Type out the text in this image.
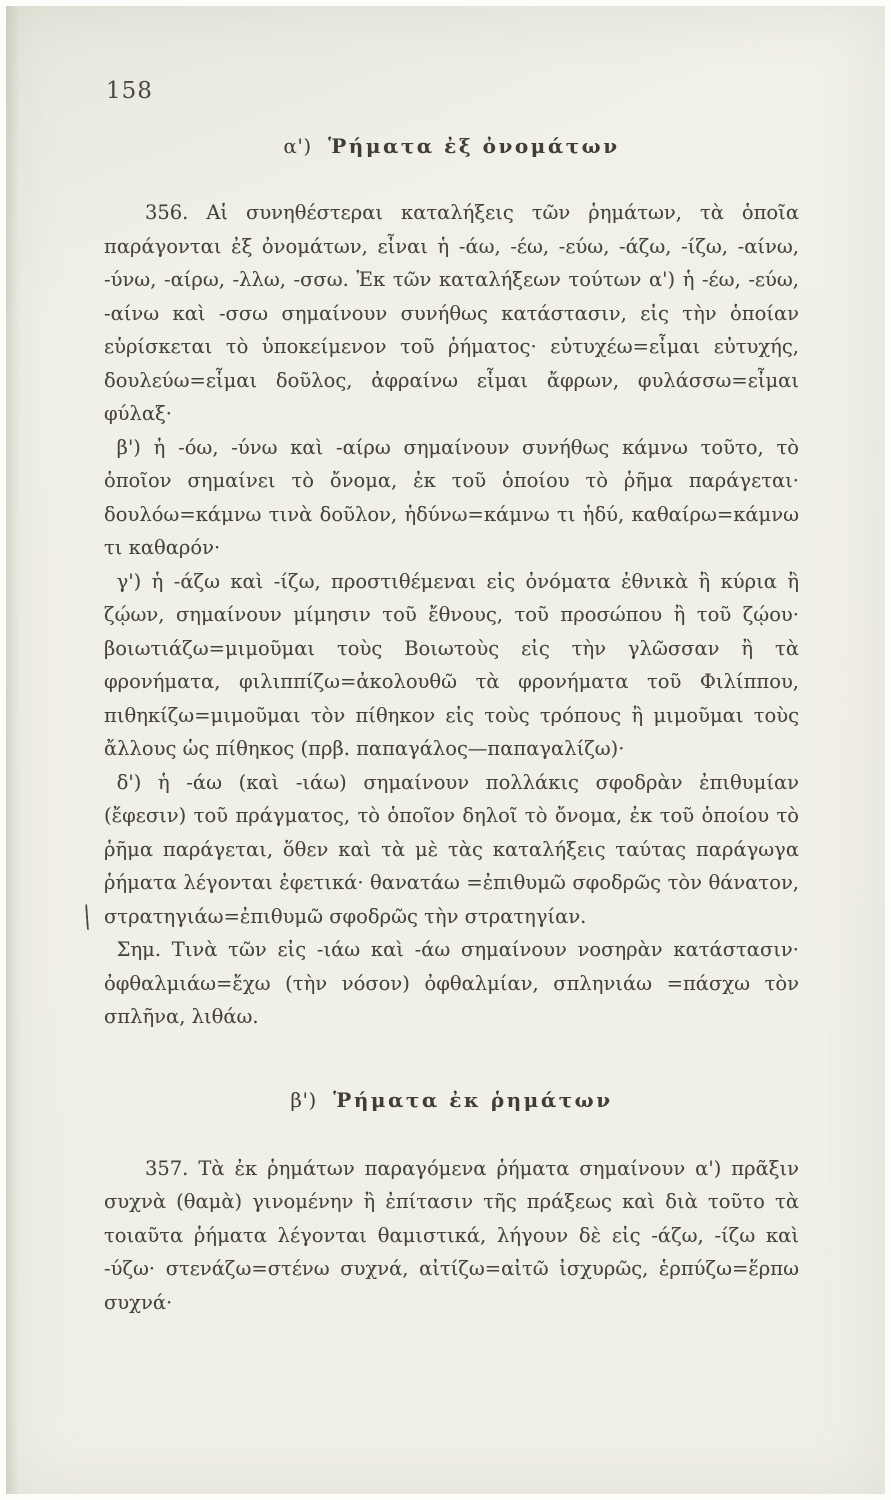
158
α') Ῥήματα ἐξ ὀνομάτων

356. Αἱ συνηθέστεραι καταλήξεις τῶν ῥημάτων, τὰ ὁποῖα παράγονται ἐξ ὀνομάτων, εἶναι ἡ -άω, -έω, -εύω, -άζω, -ίζω, -αίνω, -ύνω, -αίρω, -λλω, -σσω. Ἐκ τῶν καταλήξεων τούτων α') ἡ -έω, -εύω, -αίνω καὶ -σσω σημαίνουν συνήθως κατάστασιν, εἰς τὴν ὁποίαν εὑρίσκεται τὸ ὑποκείμενον τοῦ ῥήματος· εὐτυχέω=εἶμαι εὐτυχής, δουλεύω=εἶμαι δοῦλος, ἀφραίνω εἶμαι ἄφρων, φυλάσσω=εἶμαι φύλαξ·

β') ἡ -όω, -ύνω καὶ -αίρω σημαίνουν συνήθως κάμνω τοῦτο, τὸ ὁποῖον σημαίνει τὸ ὄνομα, ἐκ τοῦ ὁποίου τὸ ῥῆμα παράγεται· δουλόω=κάμνω τινὰ δοῦλον, ἡδύνω=κάμνω τι ἡδύ, καθαίρω=κάμνω τι καθαρόν·

γ') ἡ -άζω καὶ -ίζω, προστιθέμεναι εἰς ὀνόματα ἐθνικὰ ἢ κύρια ἢ ζῴων, σημαίνουν μίμησιν τοῦ ἔθνους, τοῦ προσώπου ἢ τοῦ ζῴου· βοιωτιάζω=μιμοῦμαι τοὺς Βοιωτοὺς εἰς τὴν γλῶσσαν ἢ τὰ φρονήματα, φιλιππίζω=ἀκολουθῶ τὰ φρονήματα τοῦ Φιλίππου, πιθηκίζω=μιμοῦμαι τὸν πίθηκον εἰς τοὺς τρόπους ἢ μιμοῦμαι τοὺς ἄλλους ὡς πίθηκος (πρβ. παπαγάλος—παπαγαλίζω)·

δ') ἡ -άω (καὶ -ιάω) σημαίνουν πολλάκις σφοδρὰν ἐπιθυμίαν (ἔφεσιν) τοῦ πράγματος, τὸ ὁποῖον δηλοῖ τὸ ὄνομα, ἐκ τοῦ ὁποίου τὸ ῥῆμα παράγεται, ὅθεν καὶ τὰ μὲ τὰς καταλήξεις ταύτας παράγωγα ῥήματα λέγονται ἐφετικά· θανατάω =ἐπιθυμῶ σφοδρῶς τὸν θάνατον, στρατηγιάω=ἐπιθυμῶ σφοδρῶς τὴν στρατηγίαν.

Σημ. Τινὰ τῶν εἰς -ιάω καὶ -άω σημαίνουν νοσηρὰν κατάστασιν· ὀφθαλμιάω=ἔχω (τὴν νόσον) ὀφθαλμίαν, σπληνιάω =πάσχω τὸν σπλῆνα, λιθάω.

β') Ῥήματα ἐκ ῥημάτων

357. Τὰ ἐκ ῥημάτων παραγόμενα ῥήματα σημαίνουν α') πρᾶξιν συχνὰ (θαμὰ) γινομένην ἢ ἐπίτασιν τῆς πράξεως καὶ διὰ τοῦτο τὰ τοιαῦτα ῥήματα λέγονται θαμιστικά, λήγουν δὲ εἰς -άζω, -ίζω καὶ -ύζω· στενάζω=στένω συχνά, αἰτίζω=αἰτῶ ἰσχυρῶς, ἑρπύζω=ἕρπω συχνά·
